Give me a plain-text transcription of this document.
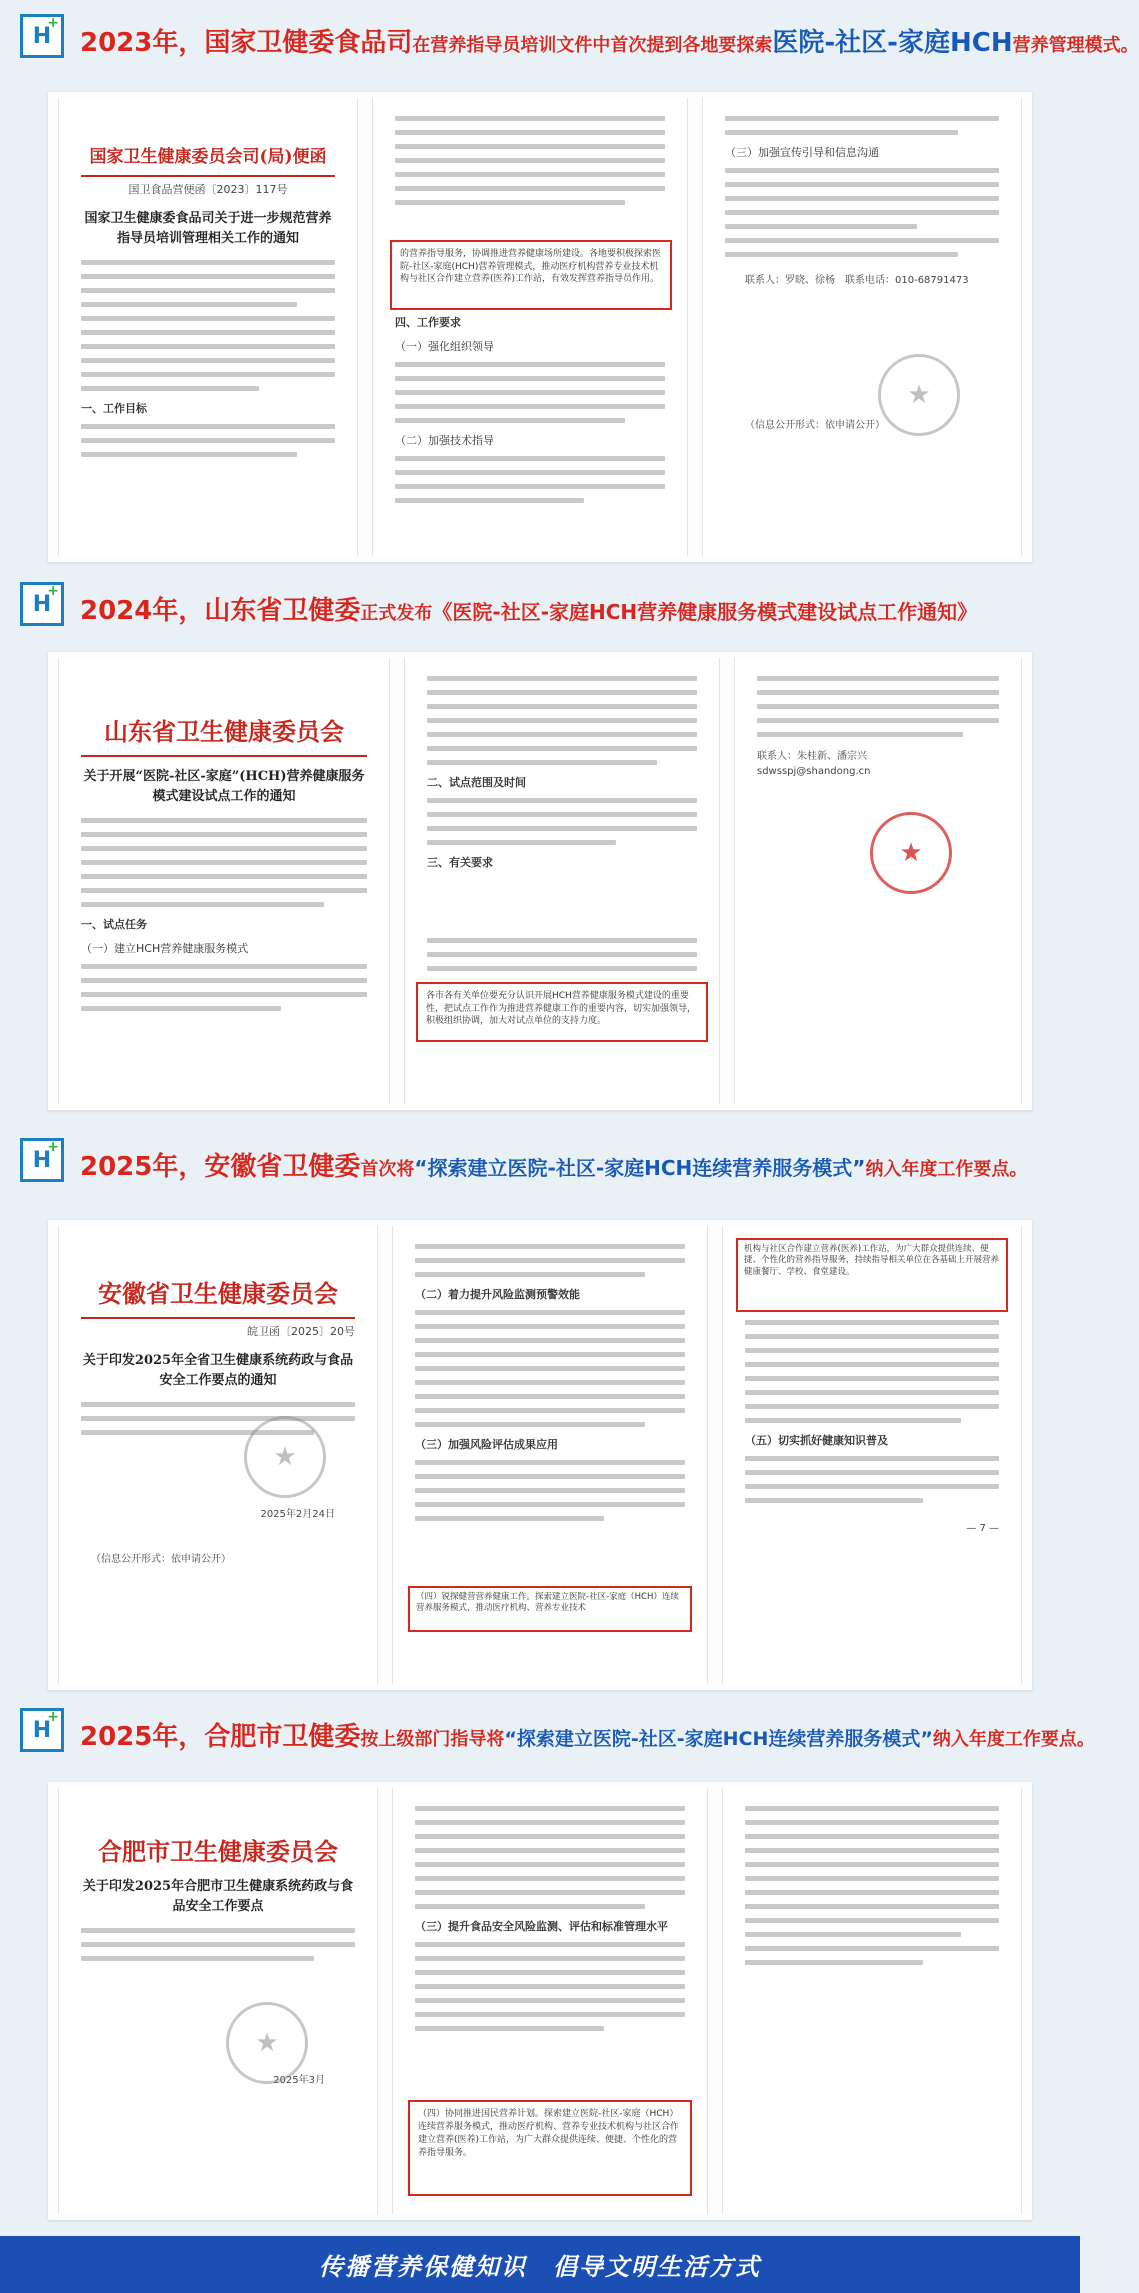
H
+
2023年，国家卫健委食品司在营养指导员培训文件中首次提到各地要探索医院-社区-家庭HCH营养管理模式。
国家卫生健康委员会司(局)便函
国卫食品营便函〔2023〕117号
国家卫生健康委食品司关于进一步规范营养指导员培训管理相关工作的通知
一、工作目标
四、工作要求
（一）强化组织领导
（二）加强技术指导
的营养指导服务，协调推进营养健康场所建设。各地要积极探索医院-社区-家庭(HCH)营养管理模式，推动医疗机构营养专业技术机构与社区合作建立营养(医养)工作站，有效发挥营养指导员作用。
（三）加强宣传引导和信息沟通
联系人：罗晓、徐杨　联系电话：010-68791473
（信息公开形式：依申请公开）
★
H
+
2024年，山东省卫健委正式发布《医院-社区-家庭HCH营养健康服务模式建设试点工作通知》
山东省卫生健康委员会
关于开展“医院-社区-家庭”(HCH)营养健康服务模式建设试点工作的通知
一、试点任务
（一）建立HCH营养健康服务模式
二、试点范围及时间
三、有关要求
各市各有关单位要充分认识开展HCH营养健康服务模式建设的重要性，把试点工作作为推进营养健康工作的重要内容，切实加强领导，积极组织协调，加大对试点单位的支持力度。
联系人：朱桂新、潘宗兴
sdwsspj@shandong.cn
★
H
+
2025年，安徽省卫健委首次将“探索建立医院-社区-家庭HCH连续营养服务模式”纳入年度工作要点。
安徽省卫生健康委员会
皖卫函〔2025〕20号
关于印发2025年全省卫生健康系统药政与食品安全工作要点的通知
2025年2月24日
（信息公开形式：依申请公开）
★
（二）着力提升风险监测预警效能
（三）加强风险评估成果应用
（四）锐探健营营养健康工作。探索建立医院-社区-家庭（HCH）连续营养服务模式，推动医疗机构、营养专业技术
（五）切实抓好健康知识普及
— 7 —
机构与社区合作建立营养(医养)工作站，为广大群众提供连续、便捷、个性化的营养指导服务，持续指导相关单位在各基础上开展营养健康餐厅、学校、食堂建设。
H
+
2025年，合肥市卫健委按上级部门指导将“探索建立医院-社区-家庭HCH连续营养服务模式”纳入年度工作要点。
合肥市卫生健康委员会
关于印发2025年合肥市卫生健康系统药政与食品安全工作要点
2025年3月
★
（三）提升食品安全风险监测、评估和标准管理水平
（四）协同推进国民营养计划。探索建立医院-社区-家庭（HCH）连续营养服务模式，推动医疗机构、营养专业技术机构与社区合作建立营养(医养)工作站，为广大群众提供连续、便捷、个性化的营养指导服务。
传播营养保健知识　倡导文明生活方式
